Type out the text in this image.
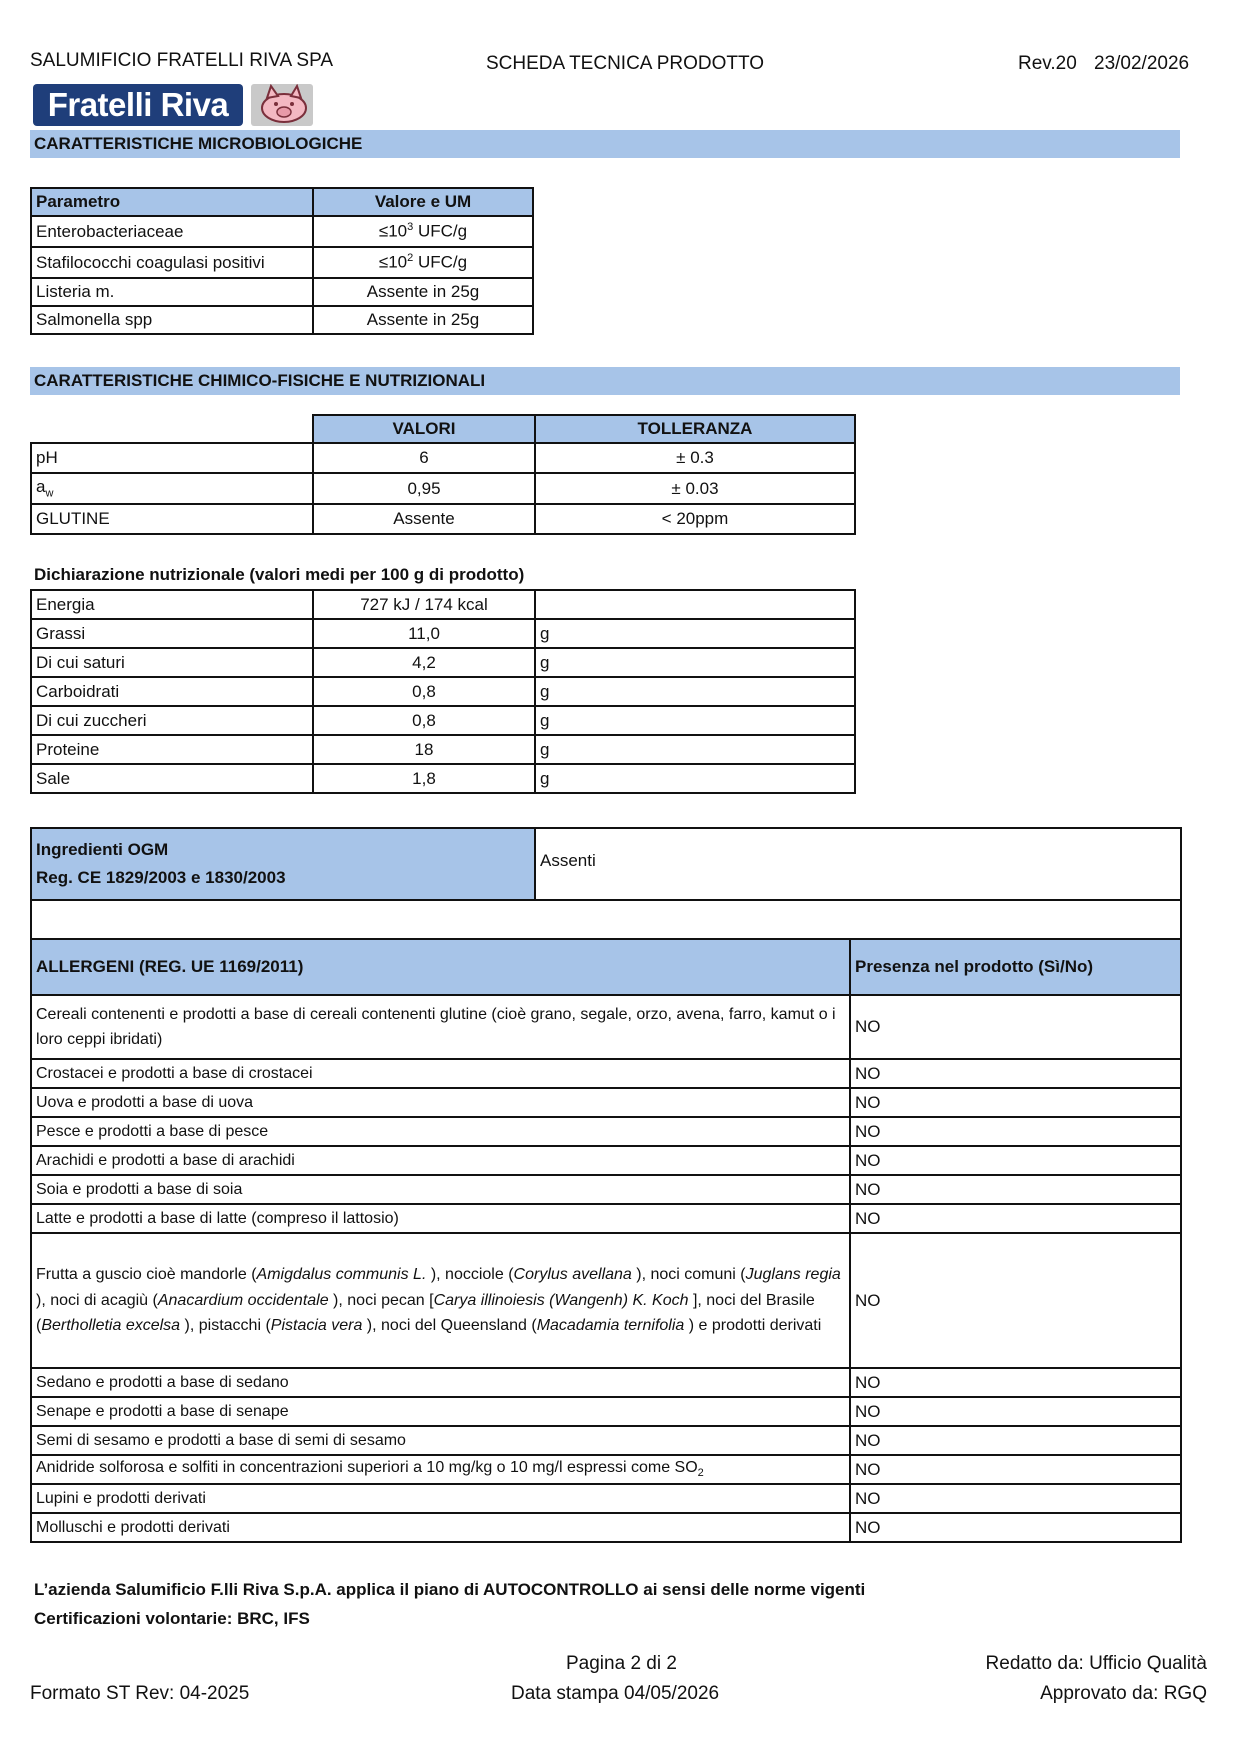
SALUMIFICIO FRATELLI RIVA SPA	SCHEDA TECNICA PRODOTTO	Rev.20 23/02/2026
Fratelli Riva
CARATTERISTICHE MICROBIOLOGICHE
Parametro	Valore e UM
Enterobacteriaceae	$\le 10^3$ UFC/g
Stafilococchi coagulasi positivi	$\le 10^2$ UFC/g
Listeria m.	Assente in 25g
Salmonella spp	Assente in 25g
CARATTERISTICHE CHIMICO-FISICHE E NUTRIZIONALI
	VALORI	TOLLERANZA
pH	6	± 0.3
$a_w$	0,95	± 0.03
GLUTINE	Assente	< 20ppm
Dichiarazione nutrizionale (valori medi per 100 g di prodotto)
Energia	727 kJ / 174 kcal	
Grassi	11,0	g
Di cui saturi	4,2	g
Carboidrati	0,8	g
Di cui zuccheri	0,8	g
Proteine	18	g
Sale	1,8	g
Ingredienti OGM
Reg. CE 1829/2003 e 1830/2003
	Assenti

ALLERGENI (REG. UE 1169/2011)	Presenza nel prodotto (Sì/No)
Cereali contenenti e prodotti a base di cereali contenenti glutine (cioè grano, segale, orzo, avena, farro, kamut o i loro ceppi ibridati)	NO
Crostacei e prodotti a base di crostacei	NO
Uova e prodotti a base di uova	NO
Pesce e prodotti a base di pesce	NO
Arachidi e prodotti a base di arachidi	NO
Soia e prodotti a base di soia	NO
Latte e prodotti a base di latte (compreso il lattosio)	NO
Frutta a guscio cioè mandorle (Amigdalus communis L. ), nocciole (Corylus avellana ), noci comuni (Juglans regia ), noci di acagiù (Anacardium occidentale ), noci pecan [Carya illinoiesis (Wangenh) K. Koch ], noci del Brasile (Bertholletia excelsa ), pistacchi (Pistacia vera ), noci del Queensland (Macadamia ternifolia ) e prodotti derivati	NO
Sedano e prodotti a base di sedano	NO
Senape e prodotti a base di senape	NO
Semi di sesamo e prodotti a base di semi di sesamo	NO
Anidride solforosa e solfiti in concentrazioni superiori a 10 mg/kg o 10 mg/l espressi come $SO_2$	NO
Lupini e prodotti derivati	NO
Molluschi e prodotti derivati	NO
L’azienda Salumificio F.lli Riva S.p.A. applica il piano di AUTOCONTROLLO ai sensi delle norme vigenti
Certificazioni volontarie: BRC, IFS
Pagina 2 di 2
Formato ST Rev: 04-2025	Data stampa 04/05/2026
Redatto da: Ufficio Qualità
Approvato da: RGQ
